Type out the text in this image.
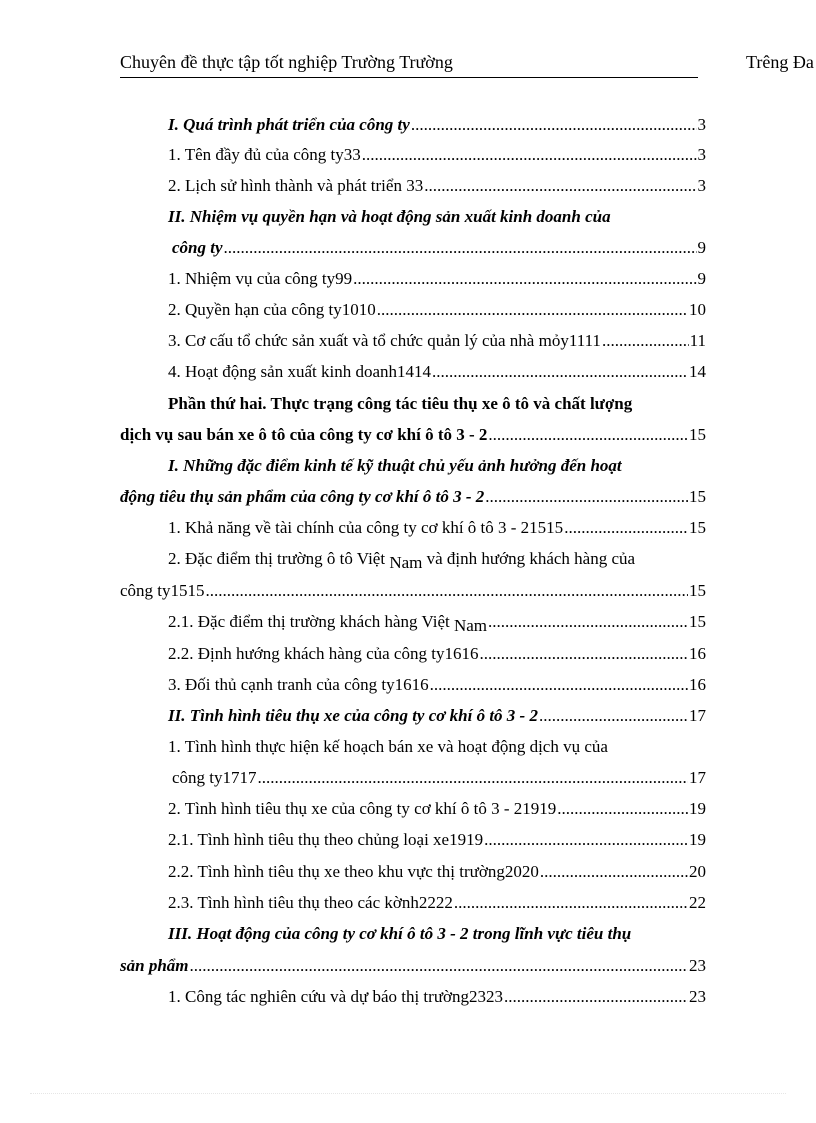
Chuyên đề thực tập tốt nghiệp Trường Trường	Trêng Đa
I. Quá trình phát triển của công ty .....	3
1. Tên đầy đủ của công ty33 .....	3
2. Lịch sử hình thành và phát triển 33 .....	3
II. Nhiệm vụ quyền hạn và hoạt động sản xuất kinh doanh của
công ty .....	9
1. Nhiệm vụ của công ty99 .....	9
2. Quyền hạn của công ty1010 .....	10
3. Cơ cấu tổ chức sản xuất và tổ chức quản lý của nhà mỏy1111 .....	11
4. Hoạt động sản xuất kinh doanh1414 .....	14
Phần thứ hai. Thực trạng công tác tiêu thụ xe ô tô và chất lượng
dịch vụ sau bán xe ô tô của công ty cơ khí ô tô 3 - 2 .....	15
I. Những đặc điểm kinh tế kỹ thuật chủ yếu ảnh hưởng đến hoạt
động tiêu thụ sản phẩm của công ty cơ khí ô tô 3 - 2 .....	15
1. Khả năng về tài chính của công ty cơ khí ô tô 3 - 21515 .....	15
2. Đặc điểm thị trường ô tô Việt Nam và định hướng khách hàng của
công ty1515 .....	15
2.1. Đặc điểm thị trường khách hàng Việt Nam .....	15
2.2. Định hướng khách hàng của công ty1616 .....	16
3. Đối thủ cạnh tranh của công ty1616 .....	16
II. Tình hình tiêu thụ xe của công ty cơ khí ô tô 3 - 2 .....	17
1. Tình hình thực hiện kế hoạch bán xe và hoạt động dịch vụ của
công ty1717 .....	17
2. Tình hình tiêu thụ xe của công ty cơ khí ô tô 3 - 21919 .....	19
2.1. Tình hình tiêu thụ theo chủng loại xe1919 .....	19
2.2. Tình hình tiêu thụ xe theo khu vực thị trường2020 .....	20
2.3. Tình hình tiêu thụ theo các kờnh2222 .....	22
III. Hoạt động của công ty cơ khí ô tô 3 - 2 trong lĩnh vực tiêu thụ
sản phẩm .....	23
1. Công tác nghiên cứu và dự báo thị trường2323 .....	23
